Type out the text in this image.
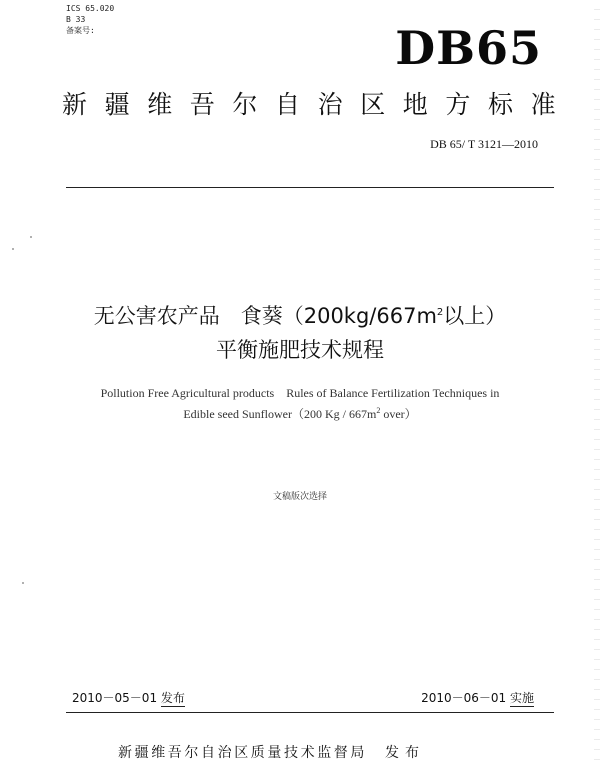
ICS 65.020
B 33
备案号:	DB65
新疆维吾尔自治区地方标准
DB 65/ T 3121—2010
无公害农产品　食葵（$200kg/667m^2$以上）
平衡施肥技术规程
Pollution Free Agricultural products　Rules of Balance Fertilization Techniques in
Edible seed Sunflower（200 Kg / $667m^2$ over）
文稿版次选择
2010－05－01 发布	2010－06－01 实施
新疆维吾尔自治区质量技术监督局 发布
